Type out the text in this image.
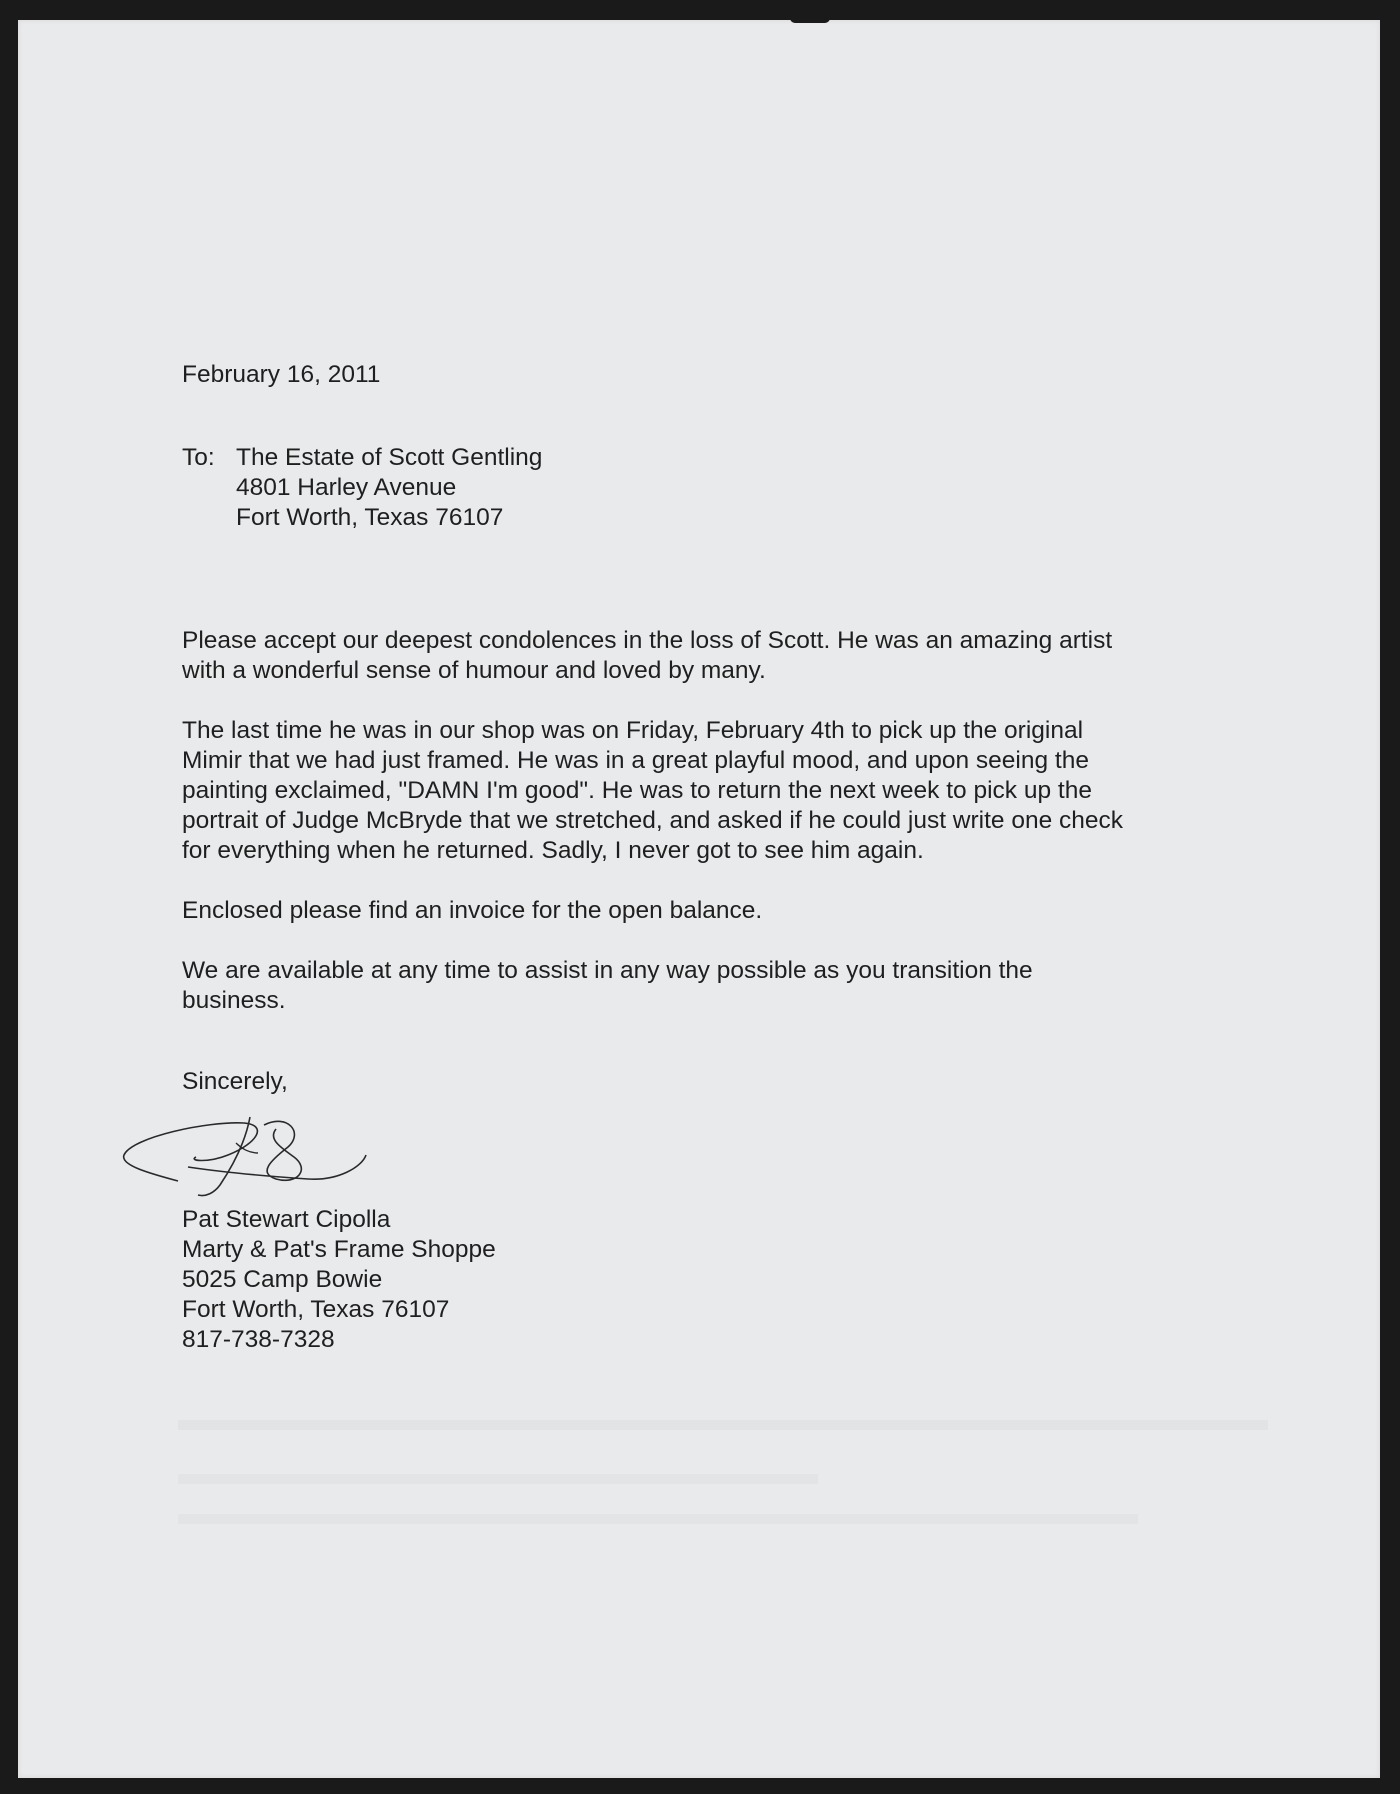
February 16, 2011

To: The Estate of Scott Gentling

4801 Harley Avenue

Fort Worth, Texas 76107

Please accept our deepest condolences in the loss of Scott. He was an amazing artist
with a wonderful sense of humour and loved by many.
The last time he was in our shop was on Friday, February 4th to pick up the original
Mimir that we had just framed. He was in a great playful mood, and upon seeing the
painting exclaimed, "DAMN I'm good". He was to return the next week to pick up the
portrait of Judge McBryde that we stretched, and asked if he could just write one check
for everything when he returned. Sadly, I never got to see him again.
Enclosed please find an invoice for the open balance.
We are available at any time to assist in any way possible as you transition the
business.

Sincerely,

Pat Stewart Cipolla

Marty & Pat's Frame Shoppe

5025 Camp Bowie

Fort Worth, Texas 76107

817-738-7328
